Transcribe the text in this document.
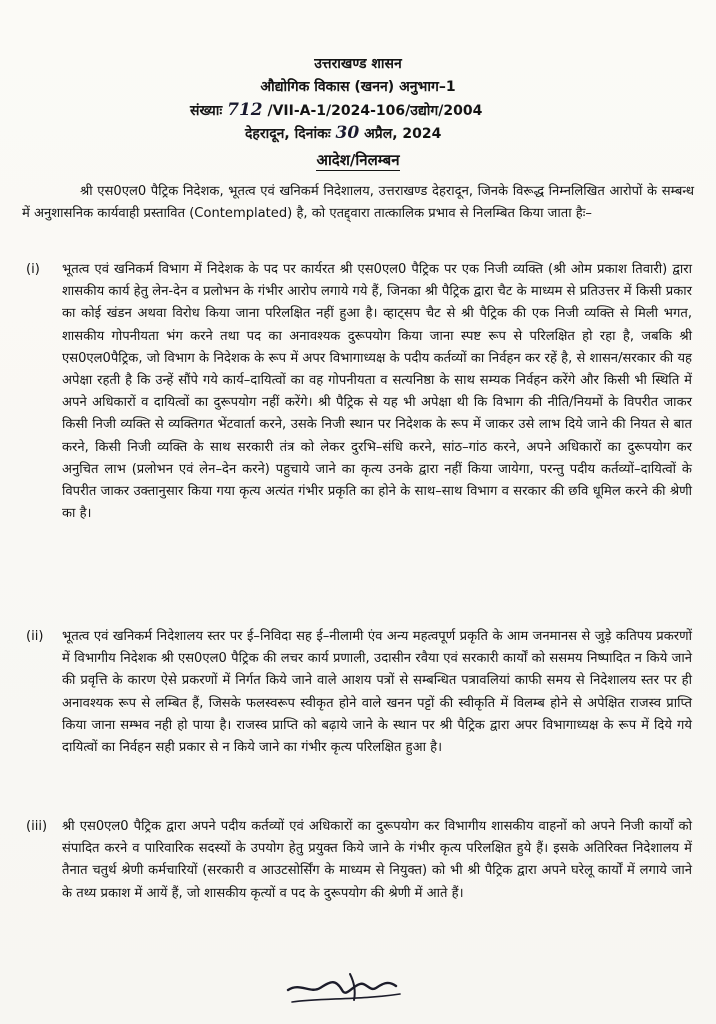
उत्तराखण्ड शासन
औद्योगिक विकास (खनन) अनुभाग–1
संख्याः 712 /VII-A-1/2024-106/उद्योग/2004
देहरादून, दिनांकः 30 अप्रैल, 2024
आदेश/निलम्बन
श्री एस0एल0 पैट्रिक निदेशक, भूतत्व एवं खनिकर्म निदेशालय, उत्तराखण्ड देहरादून, जिनके विरूद्ध निम्नलिखित आरोपों के सम्बन्ध में अनुशासनिक कार्यवाही प्रस्तावित (Contemplated) है, को एतद्द्वारा तात्कालिक प्रभाव से निलम्बित किया जाता हैः–
(i) भूतत्व एवं खनिकर्म विभाग में निदेशक के पद पर कार्यरत श्री एस0एल0 पैट्रिक पर एक निजी व्यक्ति (श्री ओम प्रकाश तिवारी) द्वारा शासकीय कार्य हेतु लेन-देन व प्रलोभन के गंभीर आरोप लगाये गये हैं, जिनका श्री पैट्रिक द्वारा चैट के माध्यम से प्रतिउत्तर में किसी प्रकार का कोई खंडन अथवा विरोध किया जाना परिलक्षित नहीं हुआ है। व्हाट्सप चैट से श्री पैट्रिक की एक निजी व्यक्ति से मिली भगत, शासकीय गोपनीयता भंग करने तथा पद का अनावश्यक दुरूपयोग किया जाना स्पष्ट रूप से परिलक्षित हो रहा है, जबकि श्री एस0एल0पैट्रिक, जो विभाग के निदेशक के रूप में अपर विभागाध्यक्ष के पदीय कर्तव्यों का निर्वहन कर रहें है, से शासन/सरकार की यह अपेक्षा रहती है कि उन्हें सौंपे गये कार्य–दायित्वों का वह गोपनीयता व सत्यनिष्ठा के साथ सम्यक निर्वहन करेंगे और किसी भी स्थिति में अपने अधिकारों व दायित्वों का दुरूपयोग नहीं करेंगे। श्री पैट्रिक से यह भी अपेक्षा थी कि विभाग की नीति/नियमों के विपरीत जाकर किसी निजी व्यक्ति से व्यक्तिगत भेंटवार्ता करने, उसके निजी स्थान पर निदेशक के रूप में जाकर उसे लाभ दिये जाने की नियत से बात करने, किसी निजी व्यक्ति के साथ सरकारी तंत्र को लेकर दुरभि–संधि करने, सांठ–गांठ करने, अपने अधिकारों का दुरूपयोग कर अनुचित लाभ (प्रलोभन एवं लेन–देन करने) पहुचाये जाने का कृत्य उनके द्वारा नहीं किया जायेगा, परन्तु पदीय कर्तव्यों–दायित्वों के विपरीत जाकर उक्तानुसार किया गया कृत्य अत्यंत गंभीर प्रकृति का होने के साथ–साथ विभाग व सरकार की छवि धूमिल करने की श्रेणी का है।
(ii) भूतत्व एवं खनिकर्म निदेशालय स्तर पर ई–निविदा सह ई–नीलामी एंव अन्य महत्वपूर्ण प्रकृति के आम जनमानस से जुड़े कतिपय प्रकरणों में विभागीय निदेशक श्री एस0एल0 पैट्रिक की लचर कार्य प्रणाली, उदासीन रवैया एवं सरकारी कार्यों को ससमय निष्पादित न किये जाने की प्रवृत्ति के कारण ऐसे प्रकरणों में निर्गत किये जाने वाले आशय पत्रों से सम्बन्धित पत्रावलियां काफी समय से निदेशालय स्तर पर ही अनावश्यक रूप से लम्बित हैं, जिसके फलस्वरूप स्वीकृत होने वाले खनन पट्टों की स्वीकृति में विलम्ब होने से अपेक्षित राजस्व प्राप्ति किया जाना सम्भव नही हो पाया है। राजस्व प्राप्ति को बढ़ाये जाने के स्थान पर श्री पैट्रिक द्वारा अपर विभागाध्यक्ष के रूप में दिये गये दायित्वों का निर्वहन सही प्रकार से न किये जाने का गंभीर कृत्य परिलक्षित हुआ है।
(iii) श्री एस0एल0 पैट्रिक द्वारा अपने पदीय कर्तव्यों एवं अधिकारों का दुरूपयोग कर विभागीय शासकीय वाहनों को अपने निजी कार्यों को संपादित करने व पारिवारिक सदस्यों के उपयोग हेतु प्रयुक्त किये जाने के गंभीर कृत्य परिलक्षित हुये हैं। इसके अतिरिक्त निदेशालय में तैनात चतुर्थ श्रेणी कर्मचारियों (सरकारी व आउटसोर्सिंग के माध्यम से नियुक्त) को भी श्री पैट्रिक द्वारा अपने घरेलू कार्यों में लगाये जाने के तथ्य प्रकाश में आयें हैं, जो शासकीय कृत्यों व पद के दुरूपयोग की श्रेणी में आते हैं।
